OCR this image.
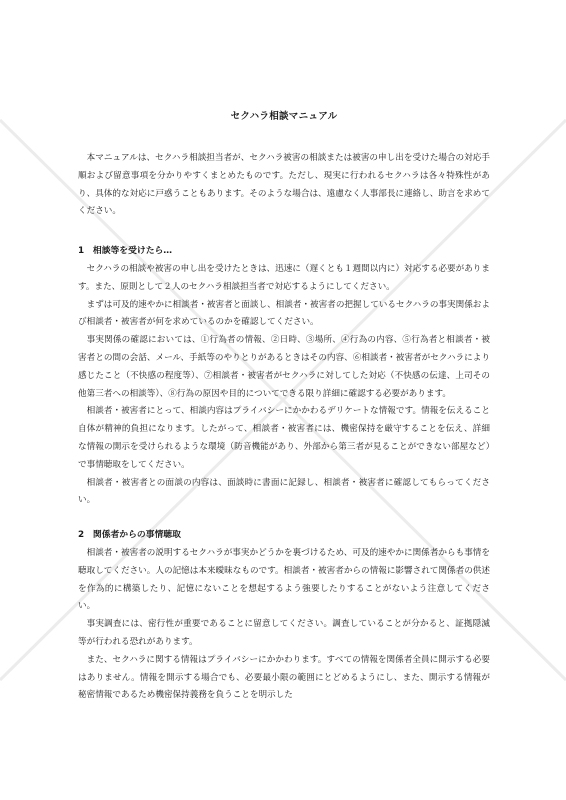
セクハラ相談マニュアル

本マニュアルは、セクハラ相談担当者が、セクハラ被害の相談または被害の申し出を受けた場合の対応手順および留意事項を分かりやすくまとめたものです。ただし、現実に行われるセクハラは各々特殊性があり、具体的な対応に戸惑うこともあります。そのような場合は、遠慮なく人事部長に連絡し、助言を求めてください。

1　相談等を受けたら…

セクハラの相談や被害の申し出を受けたときは、迅速に（遅くとも１週間以内に）対応する必要があります。また、原則として２人のセクハラ相談担当者で対応するようにしてください。

まずは可及的速やかに相談者・被害者と面談し、相談者・被害者の把握しているセクハラの事実関係および相談者・被害者が何を求めているのかを確認してください。

事実関係の確認においては、①行為者の情報、②日時、③場所、④行為の内容、⑤行為者と相談者・被害者との間の会話、メール、手紙等のやりとりがあるときはその内容、⑥相談者・被害者がセクハラにより感じたこと（不快感の程度等）、⑦相談者・被害者がセクハラに対してした対応（不快感の伝達、上司その他第三者への相談等）、⑧行為の原因や目的についてできる限り詳細に確認する必要があります。

相談者・被害者にとって、相談内容はプライバシーにかかわるデリケートな情報です。情報を伝えること自体が精神的負担になります。したがって、相談者・被害者には、機密保持を厳守することを伝え、詳細な情報の開示を受けられるような環境（防音機能があり、外部から第三者が見ることができない部屋など）で事情聴取をしてください。

相談者・被害者との面談の内容は、面談時に書面に記録し、相談者・被害者に確認してもらってください。

2　関係者からの事情聴取

相談者・被害者の説明するセクハラが事実かどうかを裏づけるため、可及的速やかに関係者からも事情を聴取してください。人の記憶は本来曖昧なものです。相談者・被害者からの情報に影響されて関係者の供述を作為的に構築したり、記憶にないことを想起するよう強要したりすることがないよう注意してください。

事実調査には、密行性が重要であることに留意してください。調査していることが分かると、証拠隠滅等が行われる恐れがあります。

また、セクハラに関する情報はプライバシーにかかわります。すべての情報を関係者全員に開示する必要はありません。情報を開示する場合でも、必要最小限の範囲にとどめるようにし、また、開示する情報が秘密情報であるため機密保持義務を負うことを明示した
